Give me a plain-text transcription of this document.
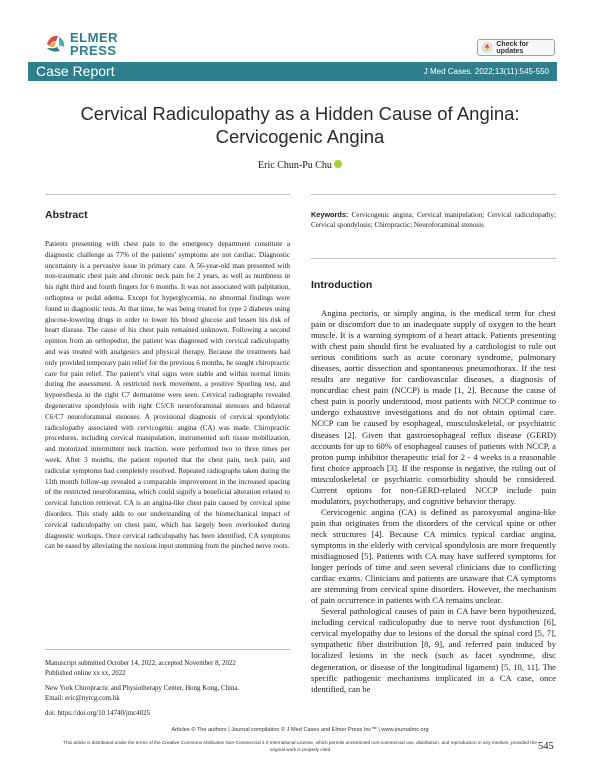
ELMER
PRESS	Check for updates
Case Report	J Med Cases. 2022;13(11):545-550
Cervical Radiculopathy as a Hidden Cause of Angina:
Cervicogenic Angina
Eric Chun-Pu Chu
Abstract
Patients presenting with chest pain to the emergency department constitute a diagnostic challenge as 77% of the patients’ symptoms are not cardiac. Diagnostic uncertainty is a pervasive issue in primary care. A 56-year-old man presented with non-traumatic chest pain and chronic neck pain for 2 years, as well as numbness in his right third and fourth fingers for 6 months. It was not associated with palpitation, orthopnea or pedal edema. Except for hyperglycemia, no abnormal findings were found in diagnostic tests. At that time, he was being treated for type 2 diabetes using glucose-lowering drugs in order to lower his blood glucose and lessen his risk of heart disease. The cause of his chest pain remained unknown. Following a second opinion from an orthopedist, the patient was diagnosed with cervical radiculopathy and was treated with analgesics and physical therapy. Because the treatments had only provided temporary pain relief for the previous 6 months, he sought chiropractic care for pain relief. The patient’s vital signs were stable and within normal limits during the assessment. A restricted neck movement, a positive Spurling test, and hypoesthesia in the right C7 dermatome were seen. Cervical radiographs revealed degenerative spondylosis with right C5/C6 neuroforaminal stenoses and bilateral C6/C7 neuroforaminal stenoses. A provisional diagnosis of cervical spondylotic radiculopathy associated with cervicogenic angina (CA) was made. Chiropractic procedures, including cervical manipulation, instrumented soft tissue mobilization, and motorized intermittent neck traction, were performed two to three times per week. After 3 months, the patient reported that the chest pain, neck pain, and radicular symptoms had completely resolved. Repeated radiographs taken during the 11th month follow-up revealed a comparable improvement in the increased spacing of the restricted neuroforamina, which could signify a beneficial alteration related to cervical function retrieval. CA is an angina-like chest pain caused by cervical spine disorders. This study adds to our understanding of the biomechanical impact of cervical radiculopathy on chest pain, which has largely been overlooked during diagnostic workups. Once cervical radiculopathy has been identified, CA symptoms can be eased by alleviating the noxious input stemming from the pinched nerve roots.
Manuscript submitted October 14, 2022, accepted November 8, 2022
Published online xx xx, 2022
New York Chiropractic and Physiotherapy Center, Hong Kong, China.
Email: eric@nyrcg.com.hk
doi: https://doi.org/10.14740/jmc4025
Keywords: Cervicogenic angina; Cervical manipulation; Cervical radiculopathy; Cervical spondylosis; Chiropractic; Neuroforaminal stenosis
Introduction
Angina pectoris, or simply angina, is the medical term for chest pain or discomfort due to an inadequate supply of oxygen to the heart muscle. It is a warning symptom of a heart attack. Patients presenting with chest pain should first be evaluated by a cardiologist to rule out serious conditions such as acute coronary syndrome, pulmonary diseases, aortic dissection and spontaneous pneumothorax. If the test results are negative for cardiovascular diseases, a diagnosis of noncardiac chest pain (NCCP) is made [1, 2]. Because the cause of chest pain is poorly understood, most patients with NCCP continue to undergo exhaustive investigations and do not obtain optimal care. NCCP can be caused by esophageal, musculoskeletal, or psychiatric diseases [2]. Given that gastroesophageal reflux disease (GERD) accounts for up to 60% of esophageal causes of patients with NCCP, a proton pump inhibitor therapeutic trial for 2 - 4 weeks is a reasonable first choice approach [3]. If the response is negative, the ruling out of musculoskeletal or psychiatric comorbidity should be considered. Current options for non-GERD-related NCCP include pain modulators, psychotherapy, and cognitive behavior therapy.
Cervicogenic angina (CA) is defined as paroxysmal angina-like pain that originates from the disorders of the cervical spine or other neck structures [4]. Because CA mimics typical cardiac angina, symptoms in the elderly with cervical spondylosis are more frequently misdiagnosed [5]. Patients with CA may have suffered symptoms for longer periods of time and seen several clinicians due to conflicting cardiac exams. Clinicians and patients are unaware that CA symptoms are stemming from cervical spine disorders. However, the mechanism of pain occurrence in patients with CA remains unclear.
Several pathological causes of pain in CA have been hypothesized, including cervical radiculopathy due to nerve root dysfunction [6], cervical myelopathy due to lesions of the dorsal the spinal cord [5, 7], sympathetic fiber distribution [8, 9], and referred pain induced by localized lesions in the neck (such as facet syndrome, disc degeneration, or disease of the longitudinal ligament) [5, 10, 11]. The specific pathogenic mechanisms implicated in a CA case, once identified, can be
Articles © The authors | Journal compilation © J Med Cases and Elmer Press Inc™ | www.journalmc.org
This article is distributed under the terms of the Creative Commons Attribution Non-Commercial 4.0 International License, which permits unrestricted non-commercial use, distribution, and reproduction in any medium, provided the original work is properly cited	545
